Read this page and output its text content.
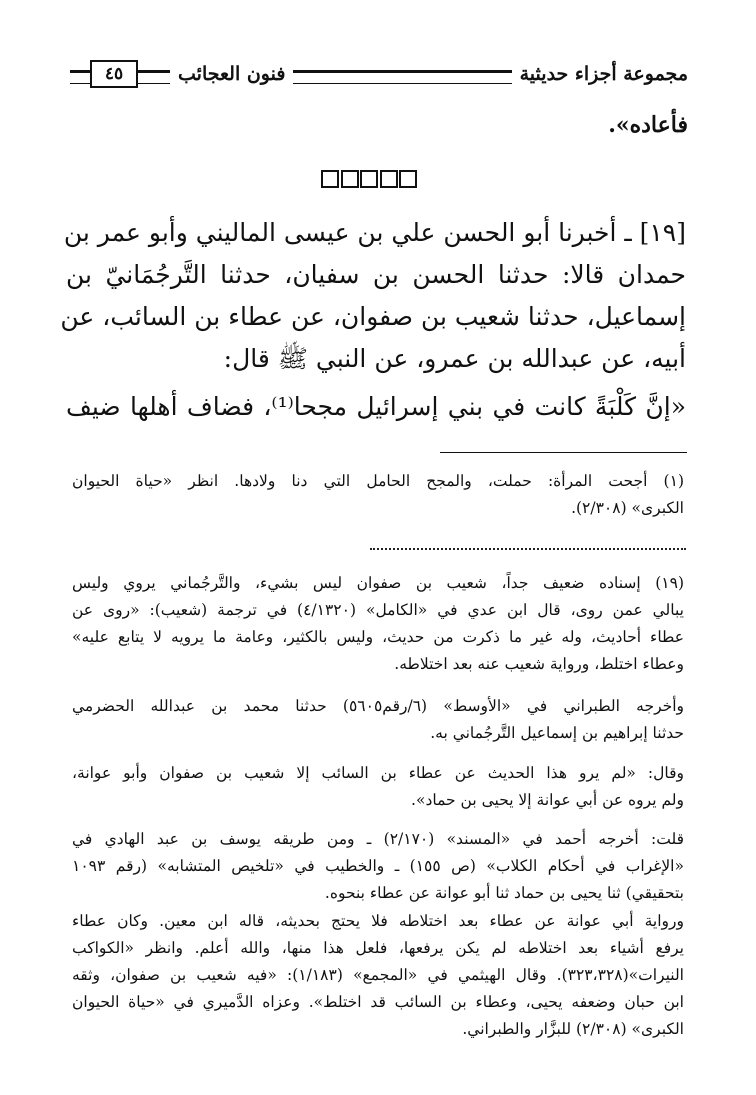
مجموعة أجزاء حديثية
فنون العجائب
٤٥
فأعاده».
[١٩] ـ أخبرنا أبو الحسن علي بن عيسى الماليني وأبو عمر بن
حمدان قالا: حدثنا الحسن بن سفيان، حدثنا التَّرجُمَانيّ بن
إسماعيل، حدثنا شعيب بن صفوان، عن عطاء بن السائب، عن
أبيه، عن عبدالله بن عمرو، عن النبي ﷺ قال:
«إنَّ كَلْبَةً كانت في بني إسرائيل مجحا⁽¹⁾، فضاف أهلها ضيف
(١) أجحت المرأة: حملت، والمجح الحامل التي دنا ولادها. انظر «حياة الحيوان
الكبرى» (٢/٣٠٨).
(١٩) إسناده ضعيف جداً، شعيب بن صفوان ليس بشيء، والتَّرجُماني يروي وليس
يبالي عمن روى، قال ابن عدي في «الكامل» (٤/١٣٢٠) في ترجمة (شعيب): «روى عن
عطاء أحاديث، وله غير ما ذكرت من حديث، وليس بالكثير، وعامة ما يرويه لا يتابع عليه»
وعطاء اختلط، ورواية شعيب عنه بعد اختلاطه.
وأخرجه الطبراني في «الأوسط» (٦/رقم٥٦٠٥) حدثنا محمد بن عبدالله الحضرمي
حدثنا إبراهيم بن إسماعيل التَّرجُماني به.
وقال: «لم يرو هذا الحديث عن عطاء بن السائب إلا شعيب بن صفوان وأبو عوانة،
ولم يروه عن أبي عوانة إلا يحيى بن حماد».
قلت: أخرجه أحمد في «المسند» (٢/١٧٠) ـ ومن طريقه يوسف بن عبد الهادي في
«الإغراب في أحكام الكلاب» (ص ١٥٥) ـ والخطيب في «تلخيص المتشابه» (رقم ١٠٩٣
بتحقيقي) ثنا يحيى بن حماد ثنا أبو عوانة عن عطاء بنحوه.
ورواية أبي عوانة عن عطاء بعد اختلاطه فلا يحتج بحديثه، قاله ابن معين. وكان عطاء
يرفع أشياء بعد اختلاطه لم يكن يرفعها، فلعل هذا منها، والله أعلم. وانظر «الكواكب
النيرات»(٣٢٣،٣٢٨). وقال الهيثمي في «المجمع» (١/١٨٣): «فيه شعيب بن صفوان، وثقه
ابن حبان وضعفه يحيى، وعطاء بن السائب قد اختلط». وعزاه الدَّميري في «حياة الحيوان
الكبرى» (٢/٣٠٨) للبزَّار والطبراني.
